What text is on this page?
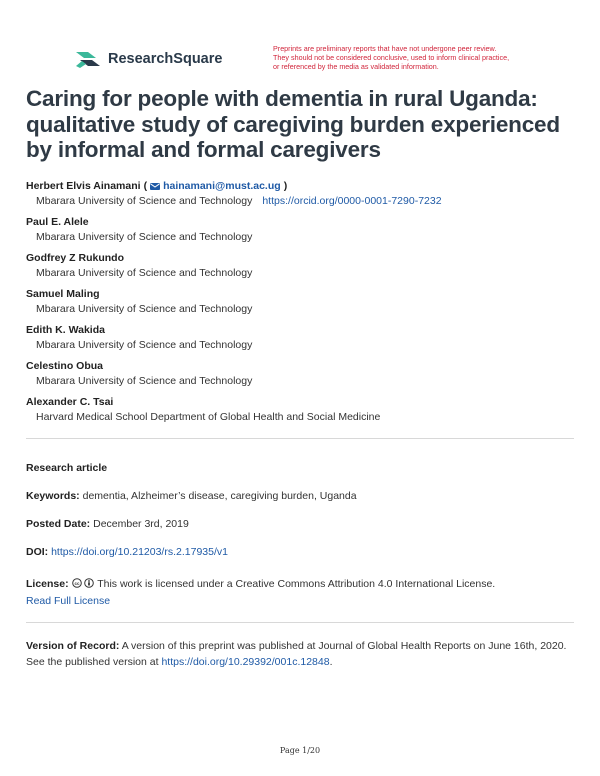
ResearchSquare
Preprints are preliminary reports that have not undergone peer review.
They should not be considered conclusive, used to inform clinical practice,
or referenced by the media as validated information.
Caring for people with dementia in rural Uganda: qualitative study of caregiving burden experienced by informal and formal caregivers
Herbert Elvis Ainamani ( hainamani@must.ac.ug )
Mbarara University of Science and Technology https://orcid.org/0000-0001-7290-7232
Paul E. Alele
Mbarara University of Science and Technology
Godfrey Z Rukundo
Mbarara University of Science and Technology
Samuel Maling
Mbarara University of Science and Technology
Edith K. Wakida
Mbarara University of Science and Technology
Celestino Obua
Mbarara University of Science and Technology
Alexander C. Tsai
Harvard Medical School Department of Global Health and Social Medicine
Research article
Keywords: dementia, Alzheimer’s disease, caregiving burden, Uganda
Posted Date: December 3rd, 2019
DOI: https://doi.org/10.21203/rs.2.17935/v1
License: cc This work is licensed under a Creative Commons Attribution 4.0 International License.
Read Full License
Version of Record: A version of this preprint was published at Journal of Global Health Reports on June 16th, 2020. See the published version at https://doi.org/10.29392/001c.12848.
Page 1/20
